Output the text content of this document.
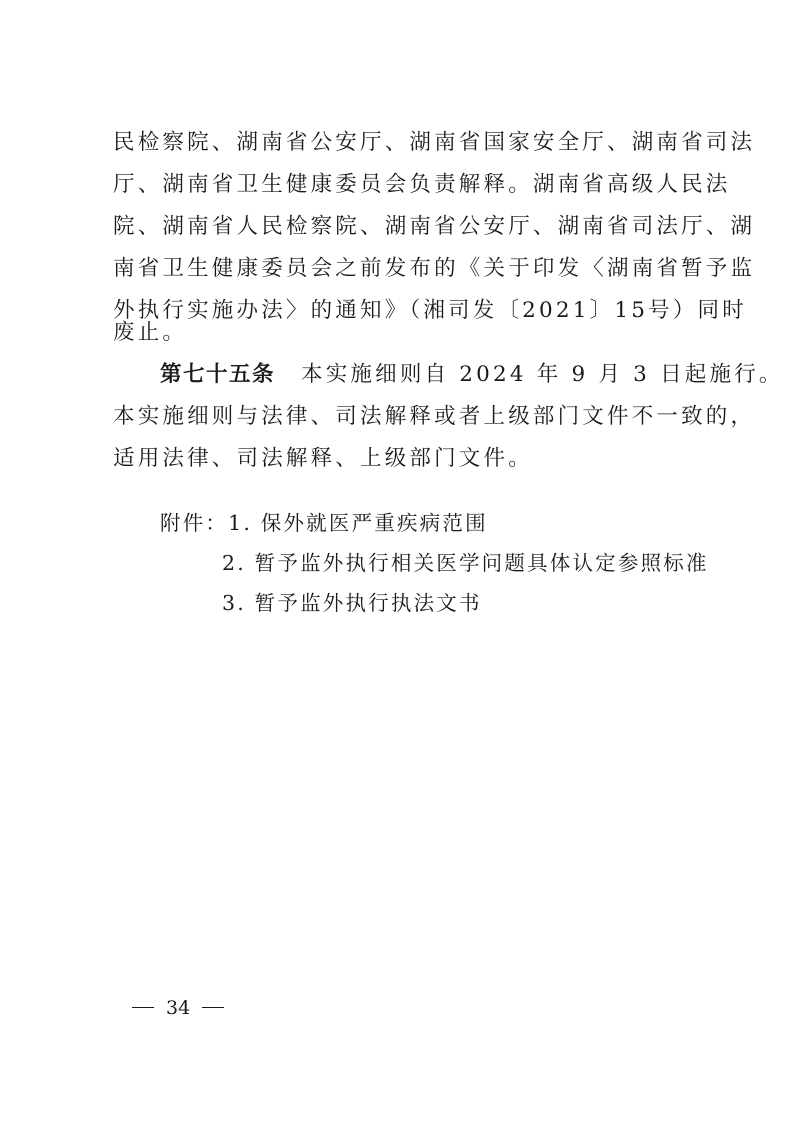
民检察院、湖南省公安厅、湖南省国家安全厅、湖南省司法
厅、湖南省卫生健康委员会负责解释。湖南省高级人民法
院、湖南省人民检察院、湖南省公安厅、湖南省司法厅、湖
南省卫生健康委员会之前发布的《关于印发〈湖南省暂予监
外执行实施办法〉的通知》（湘司发〔2021〕15号）同时
废止。
第七十五条 本实施细则自 2024 年 9 月 3 日起施行。
本实施细则与法律、司法解释或者上级部门文件不一致的，
适用法律、司法解释、上级部门文件。
附件：1. 保外就医严重疾病范围
2. 暂予监外执行相关医学问题具体认定参照标准
3. 暂予监外执行执法文书
34
